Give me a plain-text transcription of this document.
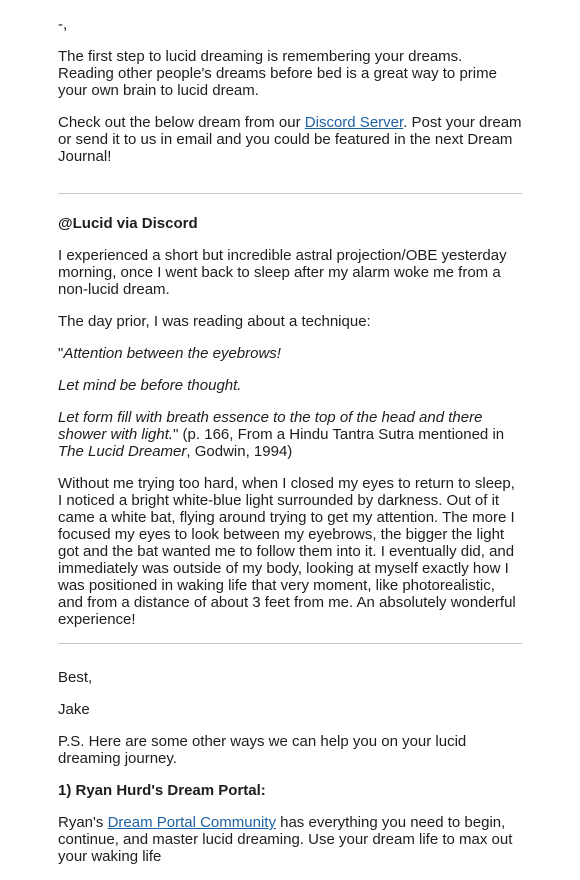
-,

The first step to lucid dreaming is remembering your dreams. Reading other people's dreams before bed is a great way to prime your own brain to lucid dream.

Check out the below dream from our Discord Server. Post your dream or send it to us in email and you could be featured in the next Dream Journal!

@Lucid via Discord

I experienced a short but incredible astral projection/OBE yesterday morning, once I went back to sleep after my alarm woke me from a non-lucid dream.

The day prior, I was reading about a technique:

"Attention between the eyebrows!

Let mind be before thought.

Let form fill with breath essence to the top of the head and there shower with light." (p. 166, From a Hindu Tantra Sutra mentioned in The Lucid Dreamer, Godwin, 1994)

Without me trying too hard, when I closed my eyes to return to sleep, I noticed a bright white-blue light surrounded by darkness. Out of it came a white bat, flying around trying to get my attention. The more I focused my eyes to look between my eyebrows, the bigger the light got and the bat wanted me to follow them into it. I eventually did, and immediately was outside of my body, looking at myself exactly how I was positioned in waking life that very moment, like photorealistic, and from a distance of about 3 feet from me. An absolutely wonderful experience!

Best,

Jake

P.S. Here are some other ways we can help you on your lucid dreaming journey.

1) Ryan Hurd's Dream Portal:

Ryan's Dream Portal Community has everything you need to begin, continue, and master lucid dreaming. Use your dream life to max out your waking life
